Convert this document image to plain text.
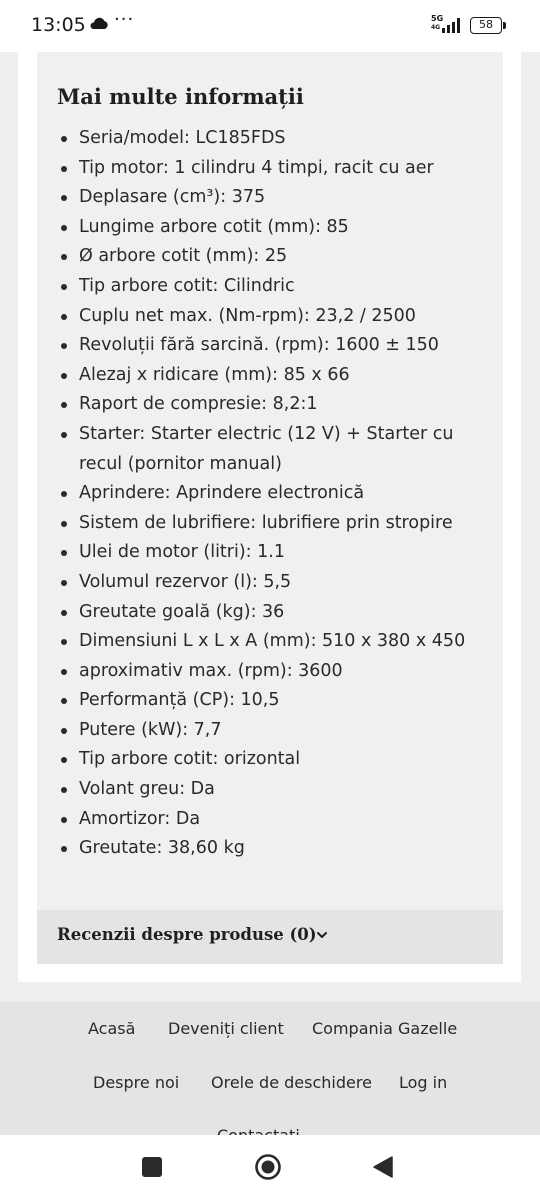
13:05 ···	5G
4G	58
Mai multe informații
Seria/model: LC185FDS
Tip motor: 1 cilindru 4 timpi, racit cu aer
Deplasare (cm³): 375
Lungime arbore cotit (mm): 85
Ø arbore cotit (mm): 25
Tip arbore cotit: Cilindric
Cuplu net max. (Nm-rpm): 23,2 / 2500
Revoluții fără sarcină. (rpm): 1600 ± 150
Alezaj x ridicare (mm): 85 x 66
Raport de compresie: 8,2:1
Starter: Starter electric (12 V) + Starter cu recul (pornitor manual)
Aprindere: Aprindere electronică
Sistem de lubrifiere: lubrifiere prin stropire
Ulei de motor (litri): 1.1
Volumul rezervor (l): 5,5
Greutate goală (kg): 36
Dimensiuni L x L x A (mm): 510 x 380 x 450
aproximativ max. (rpm): 3600
Performanță (CP): 10,5
Putere (kW): 7,7
Tip arbore cotit: orizontal
Volant greu: Da
Amortizor: Da
Greutate: 38,60 kg
Recenzii despre produse (0)
Acasă Deveniți client Compania Gazelle
Despre noi Orele de deschidere Log in
